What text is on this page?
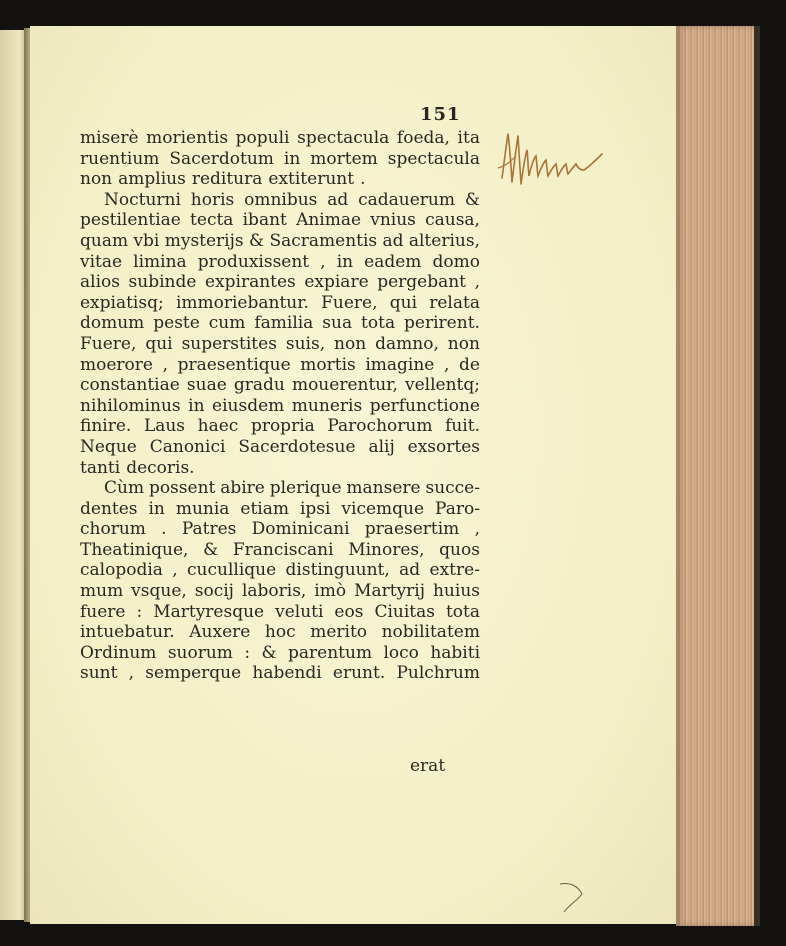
151
miserè morientis populi spectacula foeda, ita
ruentium Sacerdotum in mortem spectacula
non amplius reditura extiterunt .
Nocturni horis omnibus ad cadauerum &
pestilentiae tecta ibant Animae vnius causa,
quam vbi mysterijs & Sacramentis ad alterius,
vitae limina produxissent , in eadem domo
alios subinde expirantes expiare pergebant ,
expiatisq; immoriebantur. Fuere, qui relata
domum peste cum familia sua tota perirent.
Fuere, qui superstites suis, non damno, non
moerore , praesentique mortis imagine , de
constantiae suae gradu mouerentur, vellentq;
nihilominus in eiusdem muneris perfunctione
finire. Laus haec propria Parochorum fuit.
Neque Canonici Sacerdotesue alij exsortes
tanti decoris.
Cùm possent abire plerique mansere succe-
dentes in munia etiam ipsi vicemque Paro-
chorum . Patres Dominicani praesertim ,
Theatinique, & Franciscani Minores, quos
calopodia , cucullique distinguunt, ad extre-
mum vsque, socij laboris, imò Martyrij huius
fuere : Martyresque veluti eos Ciuitas tota
intuebatur. Auxere hoc merito nobilitatem
Ordinum suorum : & parentum loco habiti
sunt , semperque habendi erunt. Pulchrum
erat
